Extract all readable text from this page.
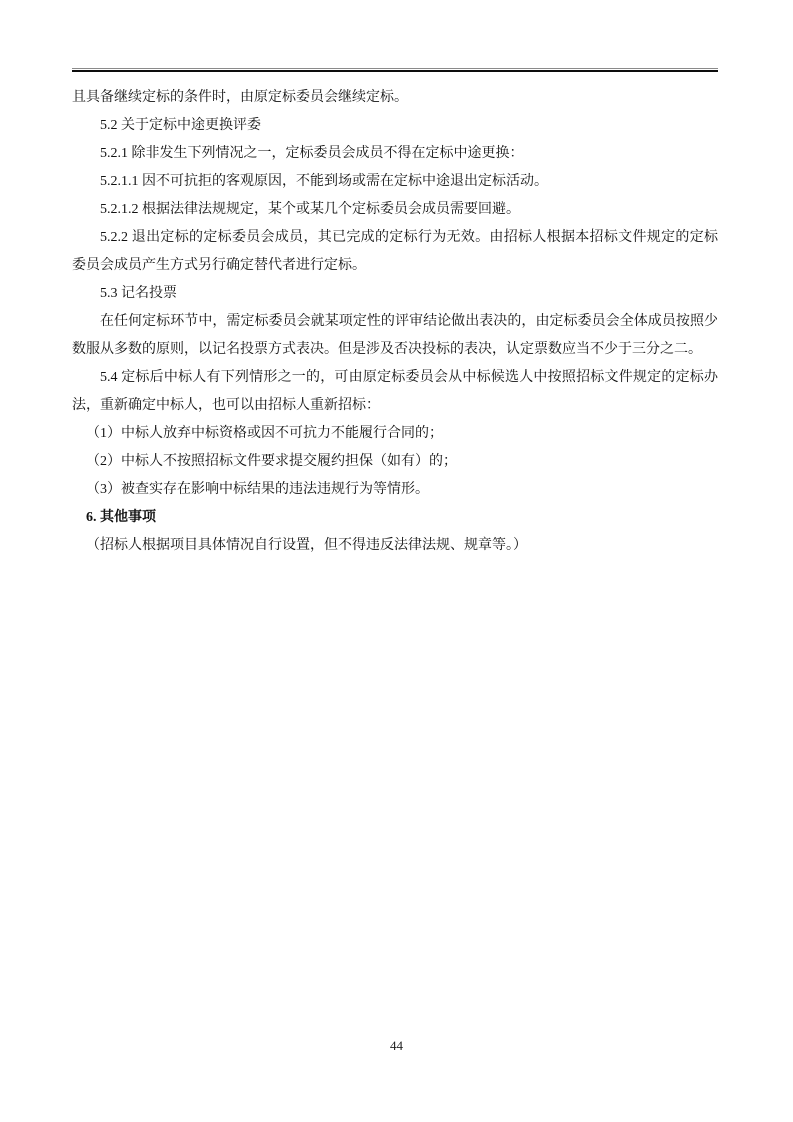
且具备继续定标的条件时，由原定标委员会继续定标。

5.2 关于定标中途更换评委

5.2.1 除非发生下列情况之一，定标委员会成员不得在定标中途更换：

5.2.1.1 因不可抗拒的客观原因，不能到场或需在定标中途退出定标活动。

5.2.1.2 根据法律法规规定，某个或某几个定标委员会成员需要回避。

5.2.2 退出定标的定标委员会成员，其已完成的定标行为无效。由招标人根据本招标文件规定的定标委员会成员产生方式另行确定替代者进行定标。

5.3 记名投票

在任何定标环节中，需定标委员会就某项定性的评审结论做出表决的，由定标委员会全体成员按照少数服从多数的原则，以记名投票方式表决。但是涉及否决投标的表决，认定票数应当不少于三分之二。

5.4 定标后中标人有下列情形之一的，可由原定标委员会从中标候选人中按照招标文件规定的定标办法，重新确定中标人，也可以由招标人重新招标：

（1）中标人放弃中标资格或因不可抗力不能履行合同的；

（2）中标人不按照招标文件要求提交履约担保（如有）的；

（3）被查实存在影响中标结果的违法违规行为等情形。

6. 其他事项

（招标人根据项目具体情况自行设置，但不得违反法律法规、规章等。）

44
